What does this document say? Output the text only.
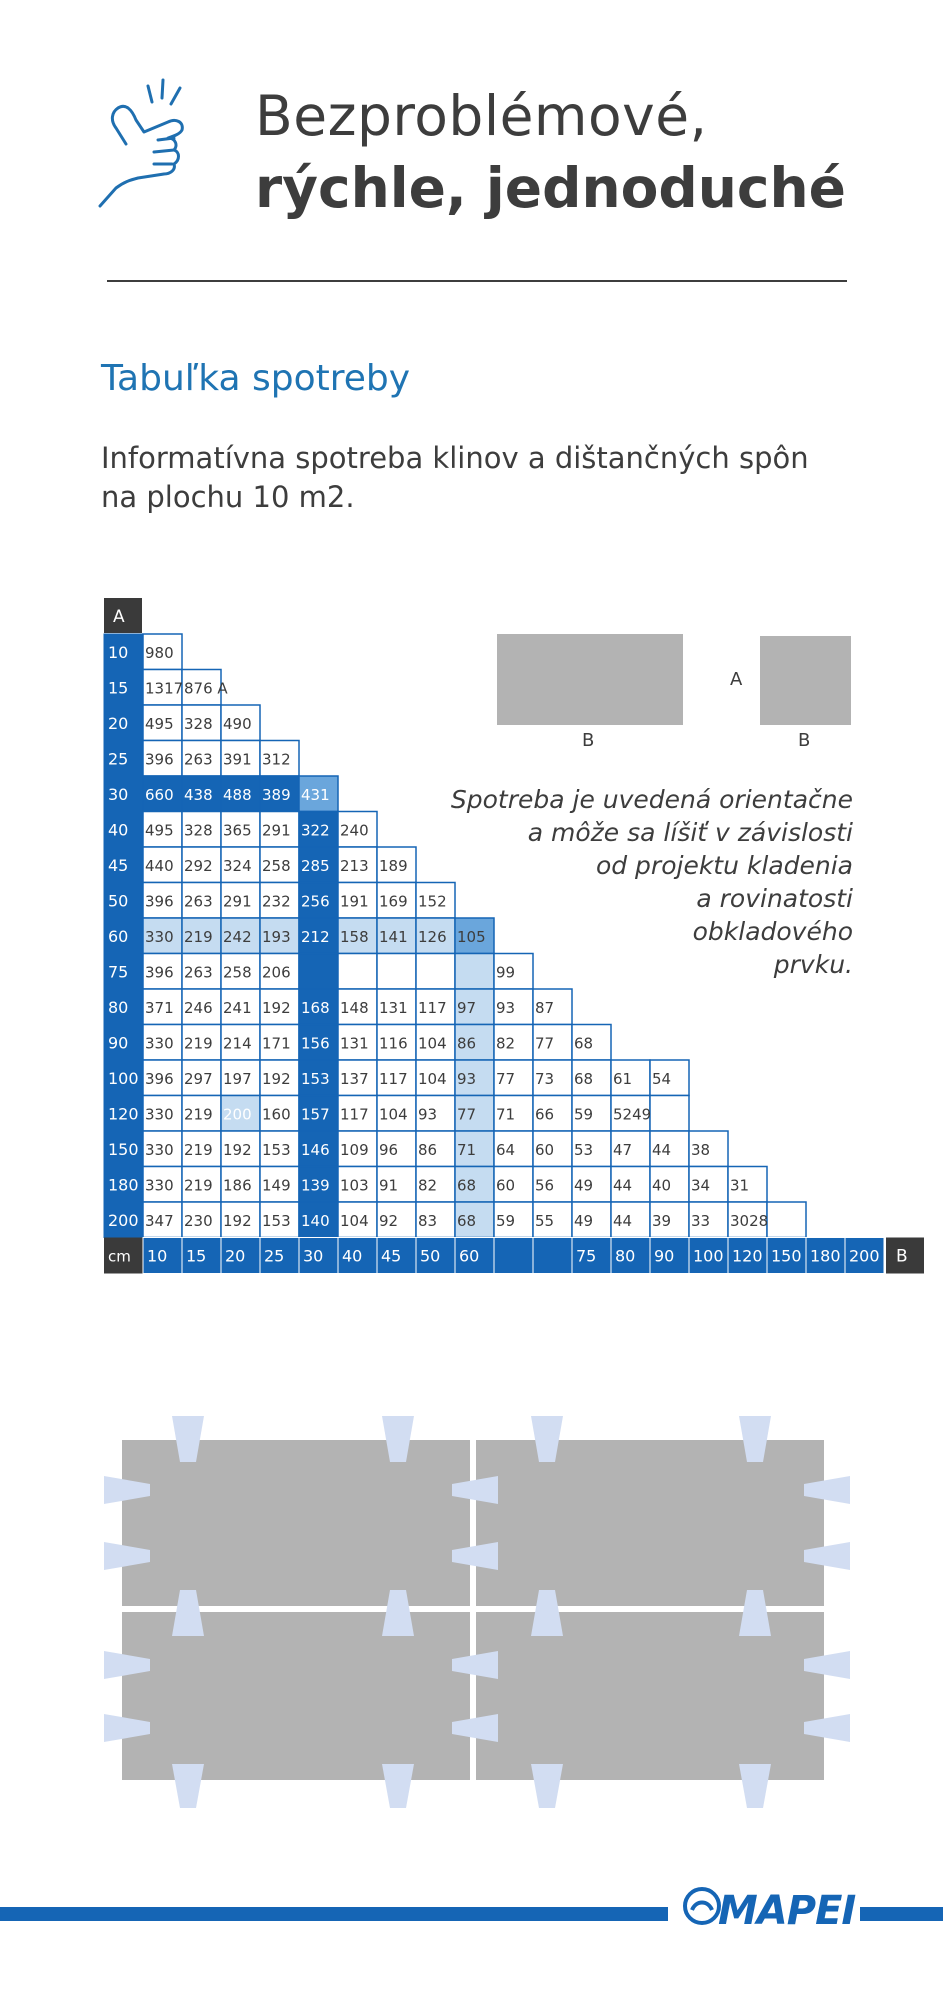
Bezproblémové,
rýchle, jednoduché
Tabuľka spotreby
Informatívna spotreba klinov a dištančných spôn
na plochu 10 m2.
A
10
15
20
25
30
40
45
50
60
75
80
90
100
120
150
180
200
980
1317 876 A
495 328 490
396 263 391 312
660 438 488 389 431
495 328 365 291 322 240
440 292 324 258 285 213 189
396 263 291 232 256 191 169 152
330 219 242 193 212 158 141 126 105
396 263 258 206	99
371 246 241 192 168 148 131 117 97 93 87
330 219 214 171 156 131 116 104 86 82 77 68
396 297 197 192 153 137 117 104 93 77 73 68 61 54
330 219 200 160 157 117 104 93 77 71 66 59 5249
330 219 192 153 146 109 96 86 71 64 60 53 47 44 38
330 219 186 149 139 103 91 82 68 60 56 49 44 40 34 31
347 230 192 153 140 104 92 83 68 59 55 49 44 39 33 3028
cm 10 15 20 25 30 40 45 50 60	75 80 90 100 120 150 180 200 B
B
A
B
Spotreba je uvedená orientačne
a môže sa líšiť v závislosti
od projektu kladenia
a rovinatosti
obkladového
prvku.
MAPEI
